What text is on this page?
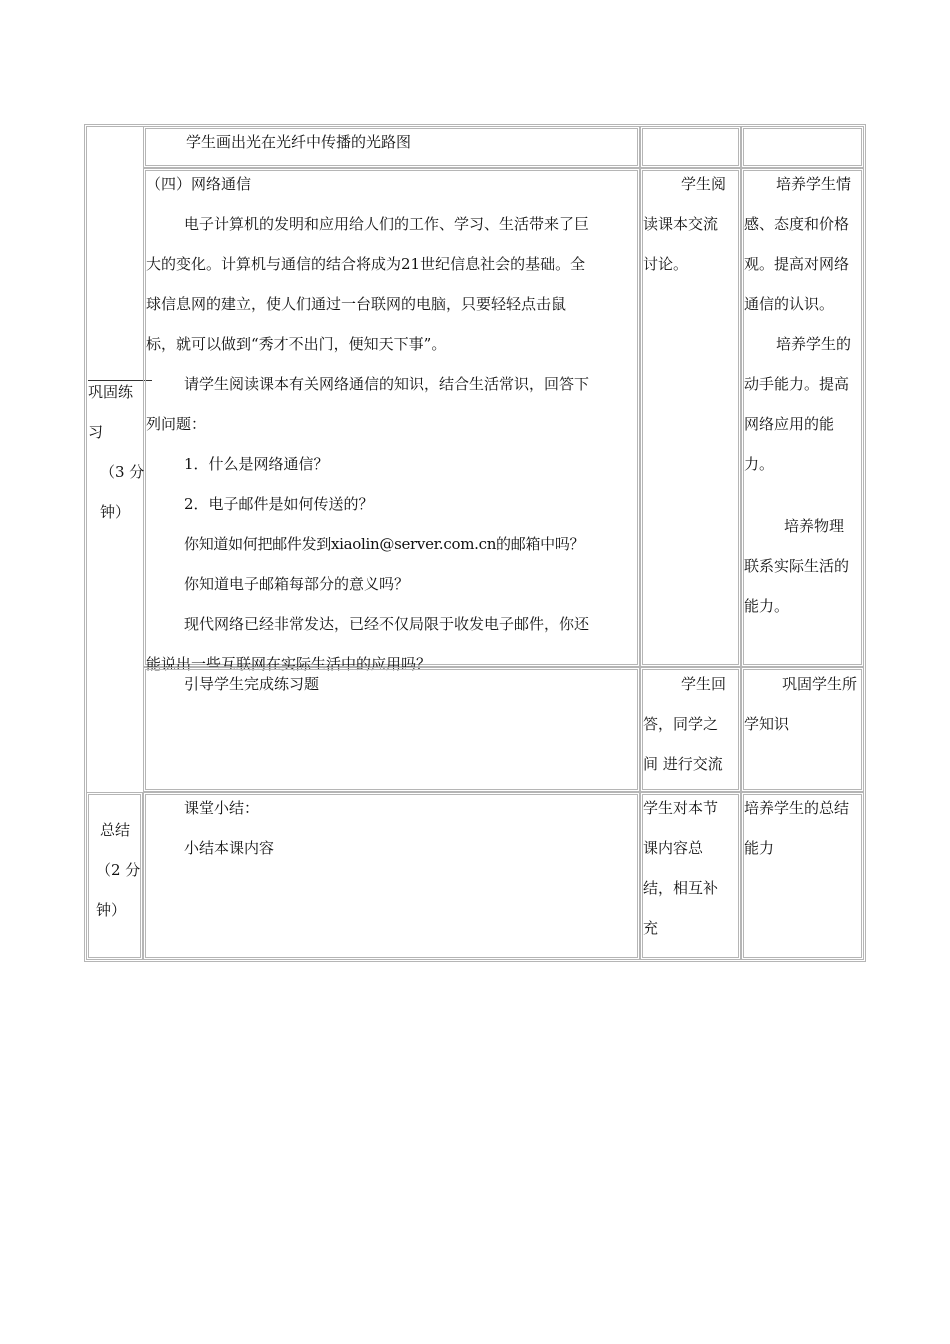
学生画出光在光纤中传播的光路图
巩固练
习
（3 分
钟）
（四）网络通信
电子计算机的发明和应用给人们的工作、学习、生活带来了巨
大的变化。计算机与通信的结合将成为21世纪信息社会的基础。全
球信息网的建立，使人们通过一台联网的电脑，只要轻轻点击鼠
标，就可以做到“秀才不出门，便知天下事”。
请学生阅读课本有关网络通信的知识，结合生活常识，回答下
列问题：
1．什么是网络通信？
2．电子邮件是如何传送的？
你知道如何把邮件发到xiaolin@server.com.cn的邮箱中吗？
你知道电子邮箱每部分的意义吗？
现代网络已经非常发达，已经不仅局限于收发电子邮件，你还
能说出一些互联网在实际生活中的应用吗？
学生阅
读课本交流
讨论。
培养学生情
感、态度和价格
观。提高对网络
通信的认识。
培养学生的
动手能力。提高
网络应用的能
力。
培养物理
联系实际生活的
能力。
引导学生完成练习题	学生回
答，同学之
间 进行交流
巩固学生所
学知识
总结
（2 分
钟）
课堂小结：
小结本课内容
学生对本节
课内容总
结，相互补
充
培养学生的总结
能力
